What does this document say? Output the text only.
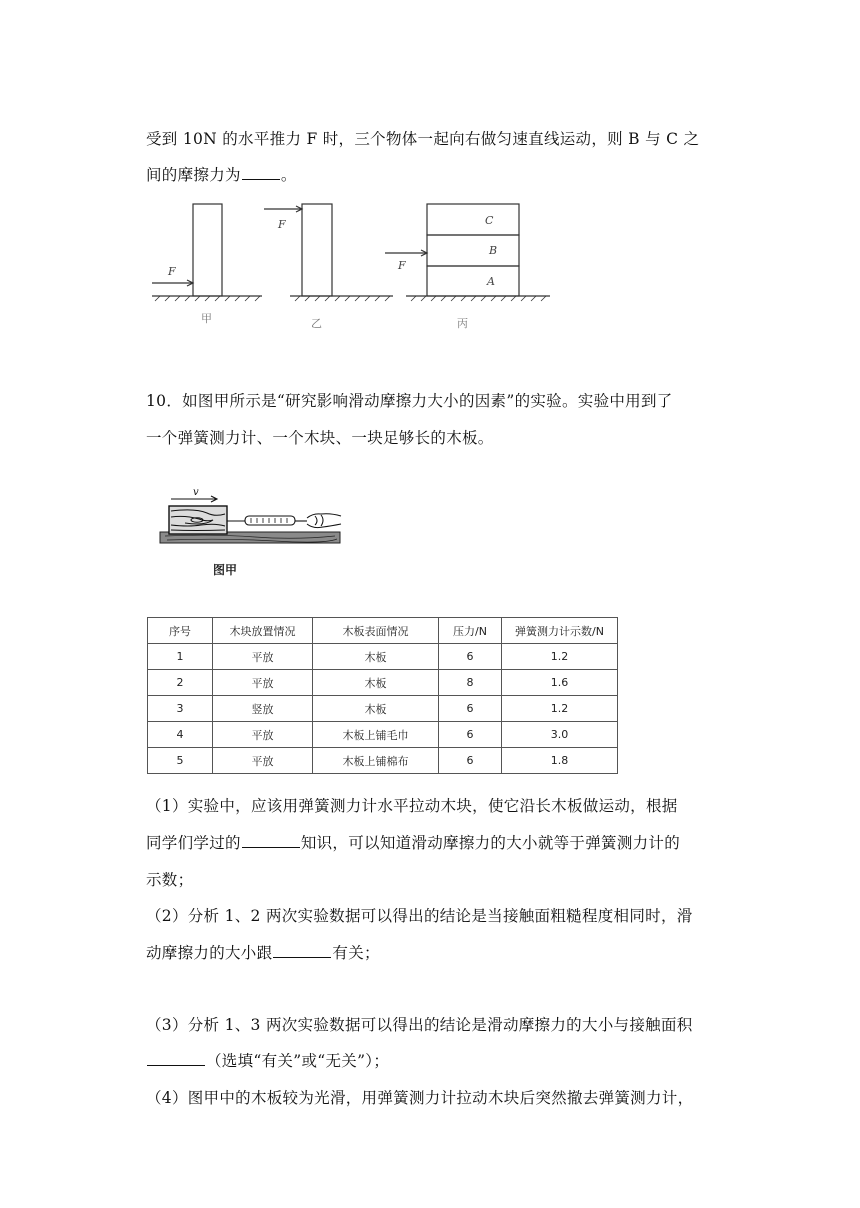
受到 10N 的水平推力 F 时，三个物体一起向右做匀速直线运动，则 B 与 C 之
间的摩擦力为	。
F
F
F
C
B
A
甲	乙	丙
10．如图甲所示是“研究影响滑动摩擦力大小的因素”的实验。实验中用到了
一个弹簧测力计、一个木块、一块足够长的木板。
v
图甲
序号	木块放置情况	木板表面情况	压力/N	弹簧测力计示数/N
1	平放	木板	6	1.2
2	平放	木板	8	1.6
3	竖放	木板	6	1.2
4	平放	木板上铺毛巾	6	3.0
5	平放	木板上铺棉布	6	1.8
（1）实验中，应该用弹簧测力计水平拉动木块，使它沿长木板做运动，根据
同学们学过的	知识，可以知道滑动摩擦力的大小就等于弹簧测力计的
示数；
（2）分析 1、2 两次实验数据可以得出的结论是当接触面粗糙程度相同时，滑
动摩擦力的大小跟	有关；
（3）分析 1、3 两次实验数据可以得出的结论是滑动摩擦力的大小与接触面积
（选填“有关”或“无关”）；
（4）图甲中的木板较为光滑，用弹簧测力计拉动木块后突然撤去弹簧测力计，
